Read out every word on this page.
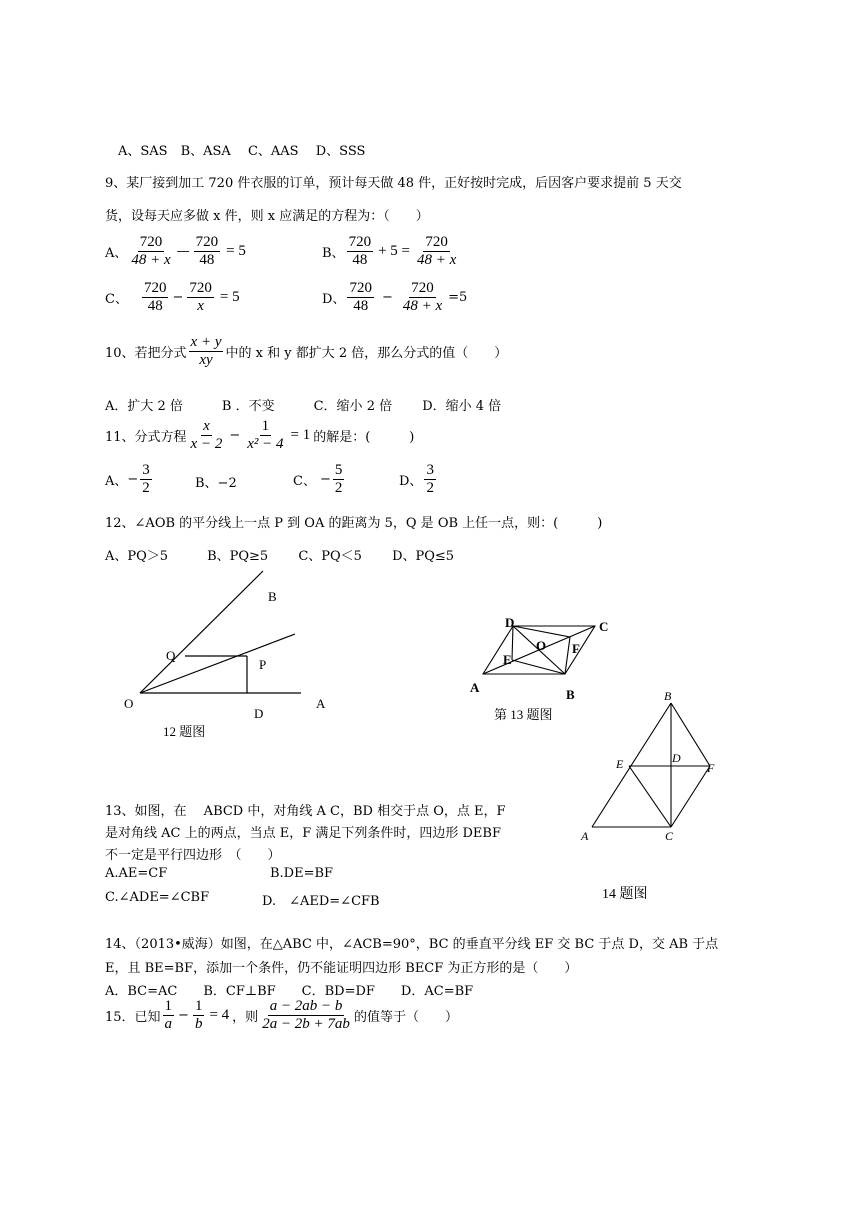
A、SAS　B、ASA　 C、AAS　 D、SSS
9、某厂接到加工 720 件衣服的订单，预计每天做 48 件，正好按时完成，后因客户要求提前 5 天交
货，设每天应多做 x 件，则 x 应满足的方程为：（　　）
A、 $\frac{720}{48 + x}$ — $\frac{720}{48} = 5$	B、 $\frac{720}{48} + 5 = \frac{720}{48 + x}$
C、 $\frac{720}{48} - \frac{720}{x} = 5$	D、 $\frac{720}{48} - \frac{720}{48 + x} =5$
10、若把分式 $\frac{x + y}{xy}$ 中的 x 和 y 都扩大 2 倍，那么分式的值（　　）
A．扩大 2 倍　　　B ．不变　　　C．缩小 2 倍　　 D．缩小 4 倍
11、分式方程 $\frac{x}{x - 2} - \frac{1}{\text{x² − 4}} = 1$ 的解是：(　　　)
A、 − $\frac{3}{2}$	B、−2	C、 − $\frac{5}{2}$	D、 $\frac{3}{2}$
12、∠AOB 的平分线上一点 P 到 OA 的距离为 5，Q 是 OB 上任一点，则：(　　　)
A、PQ＞5　　　B、PQ≥5　　 C、PQ＜5　　 D、PQ≤5
B
Q
P
O
D
A
12 题图
D	C
O
E
F
A	B
第 13 题图
B
E	D
F
A	C
14 题图
13、如图，在　 ABCD 中，对角线 A C，BD 相交于点 O，点 E，F
是对角线 AC 上的两点，当点 E，F 满足下列条件时，四边形 DEBF
不一定是平行四边形　（　　）
A.AE=CF	B.DE=BF
C.∠ADE=∠CBF	D.　∠AED=∠CFB
14、（2013•威海）如图，在△ABC 中，∠ACB=90°，BC 的垂直平分线 EF 交 BC 于点 D，交 AB 于点
E，且 BE=BF，添加一个条件，仍不能证明四边形 BECF 为正方形的是（　　）
A．BC=AC　　B．CF⊥BF　　C．BD=DF　　D．AC=BF
15．已知 $\frac{1}{a} - \frac{1}{b} = 4$ ，则 $\frac{a - 2ab - b}{2a - 2b + 7ab}$ 的值等于（　　）
